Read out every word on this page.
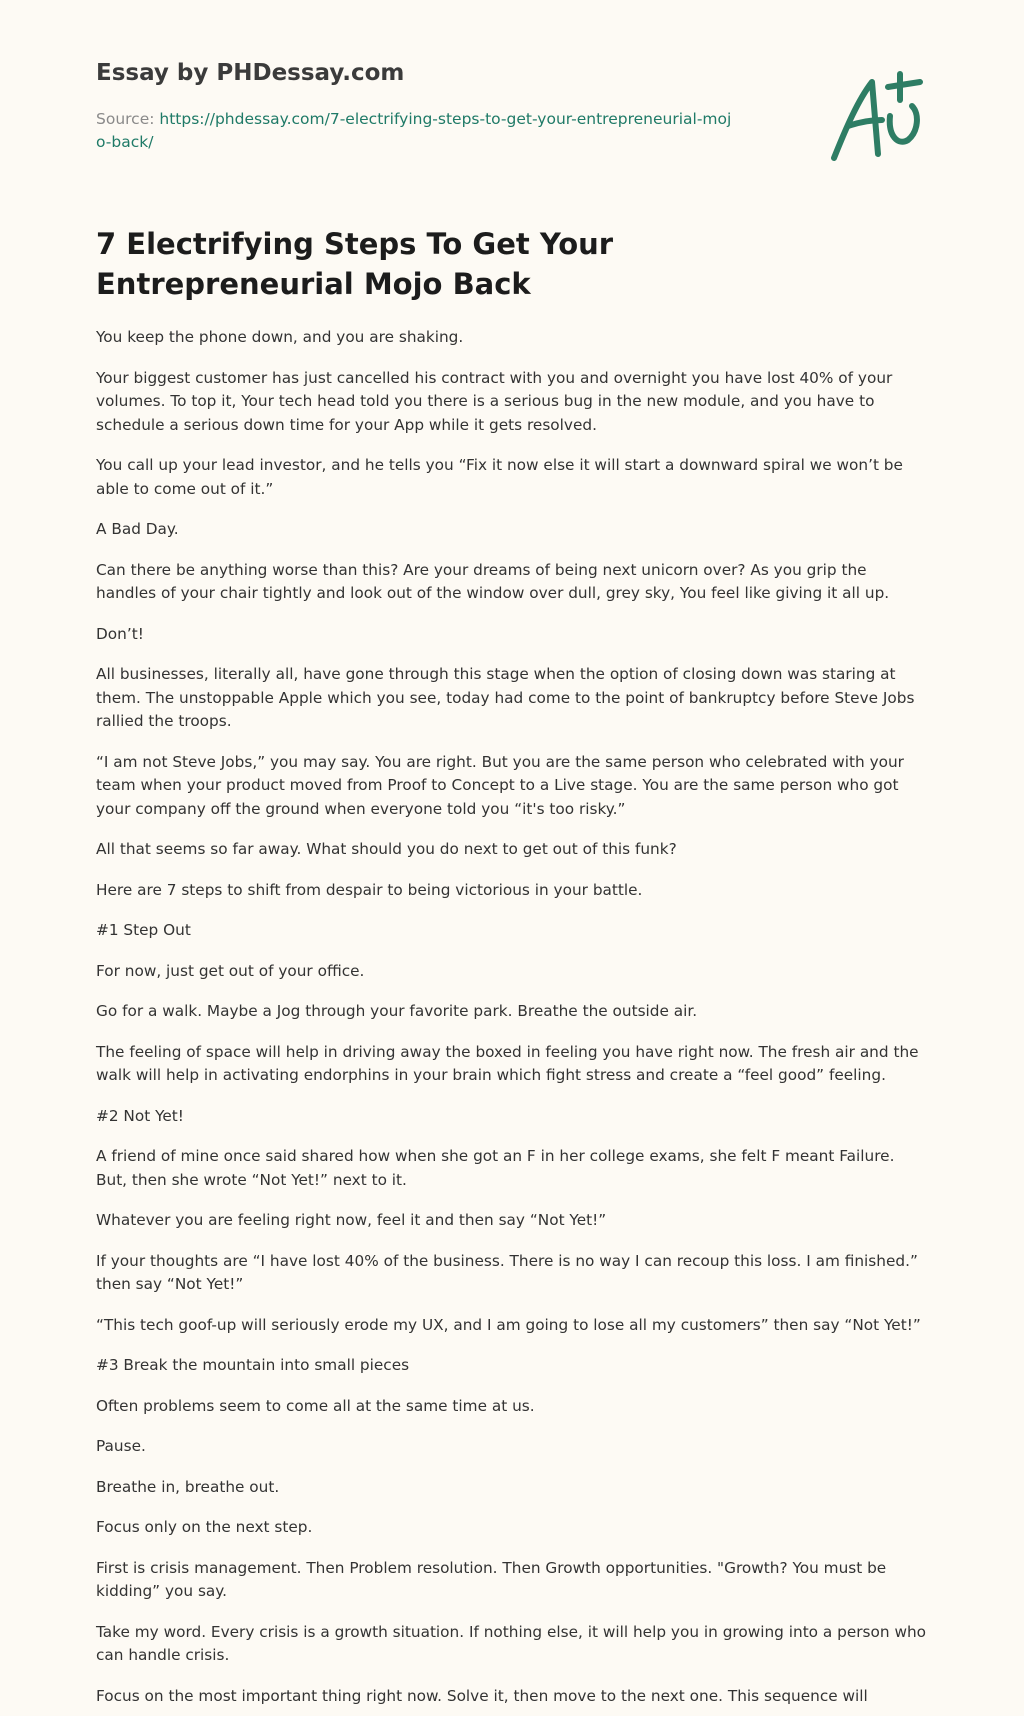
Essay by PHDessay.com
Source: https://phdessay.com/7-electrifying-steps-to-get-your-entrepreneurial-mojo-back/
7 Electrifying Steps To Get Your Entrepreneurial Mojo Back

You keep the phone down, and you are shaking.

Your biggest customer has just cancelled his contract with you and overnight you have lost 40% of your volumes. To top it, Your tech head told you there is a serious bug in the new module, and you have to schedule a serious down time for your App while it gets resolved.

You call up your lead investor, and he tells you “Fix it now else it will start a downward spiral we won’t be able to come out of it.”

A Bad Day.

Can there be anything worse than this? Are your dreams of being next unicorn over? As you grip the handles of your chair tightly and look out of the window over dull, grey sky, You feel like giving it all up.

Don’t!

All businesses, literally all, have gone through this stage when the option of closing down was staring at them. The unstoppable Apple which you see, today had come to the point of bankruptcy before Steve Jobs rallied the troops.

“I am not Steve Jobs,” you may say. You are right. But you are the same person who celebrated with your team when your product moved from Proof to Concept to a Live stage. You are the same person who got your company off the ground when everyone told you “it's too risky.”

All that seems so far away. What should you do next to get out of this funk?

Here are 7 steps to shift from despair to being victorious in your battle.

#1 Step Out

For now, just get out of your office.

Go for a walk. Maybe a Jog through your favorite park. Breathe the outside air.

The feeling of space will help in driving away the boxed in feeling you have right now. The fresh air and the walk will help in activating endorphins in your brain which fight stress and create a “feel good” feeling.

#2 Not Yet!

A friend of mine once said shared how when she got an F in her college exams, she felt F meant Failure. But, then she wrote “Not Yet!” next to it.

Whatever you are feeling right now, feel it and then say “Not Yet!”

If your thoughts are “I have lost 40% of the business. There is no way I can recoup this loss. I am finished.” then say “Not Yet!”

“This tech goof-up will seriously erode my UX, and I am going to lose all my customers” then say “Not Yet!”

#3 Break the mountain into small pieces

Often problems seem to come all at the same time at us.

Pause.

Breathe in, breathe out.

Focus only on the next step.

First is crisis management. Then Problem resolution. Then Growth opportunities. "Growth? You must be kidding” you say.

Take my word. Every crisis is a growth situation. If nothing else, it will help you in growing into a person who can handle crisis.

Focus on the most important thing right now. Solve it, then move to the next one. This sequence will
